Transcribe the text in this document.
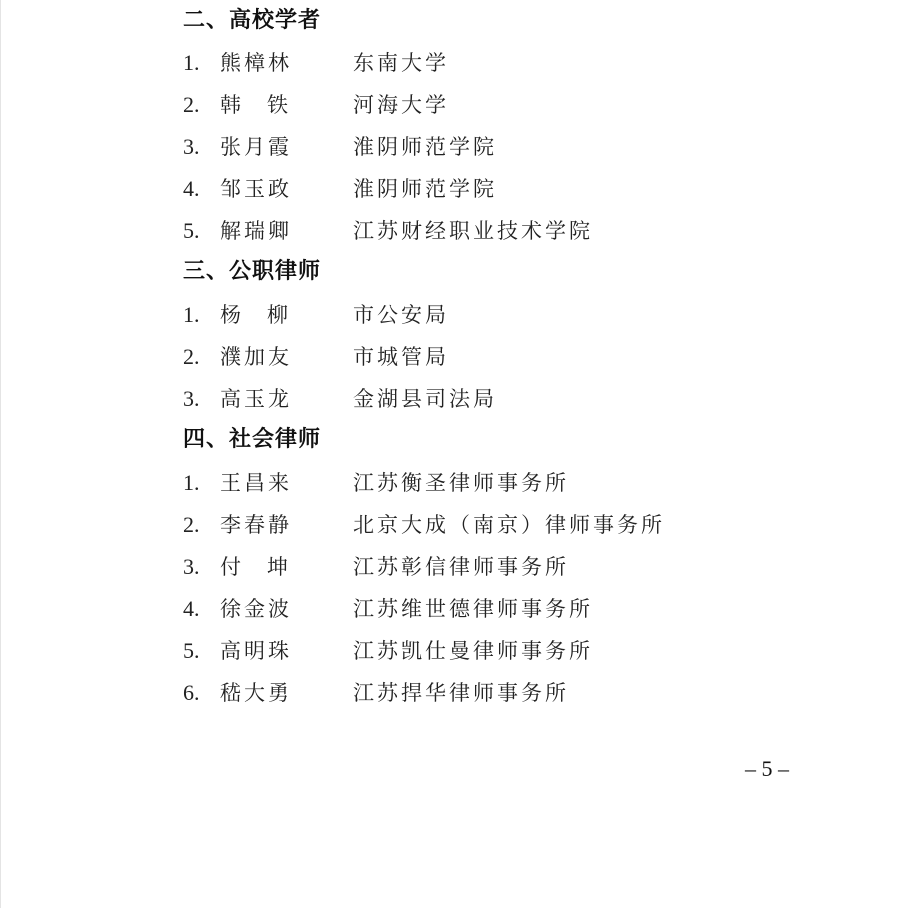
二、高校学者
1. 熊樟林	东南大学
2. 韩铁 河海大学
3. 张月霞	淮阴师范学院
4. 邹玉政	淮阴师范学院
5. 解瑞卿	江苏财经职业技术学院
三、公职律师
1. 杨柳 市公安局
2. 濮加友	市城管局
3. 高玉龙	金湖县司法局
四、社会律师
1. 王昌来	江苏衡圣律师事务所
2. 李春静	北京大成（南京）律师事务所
3. 付坤 江苏彰信律师事务所
4. 徐金波	江苏维世德律师事务所
5. 高明珠	江苏凯仕曼律师事务所
6. 嵇大勇	江苏捍华律师事务所
– 5 –
